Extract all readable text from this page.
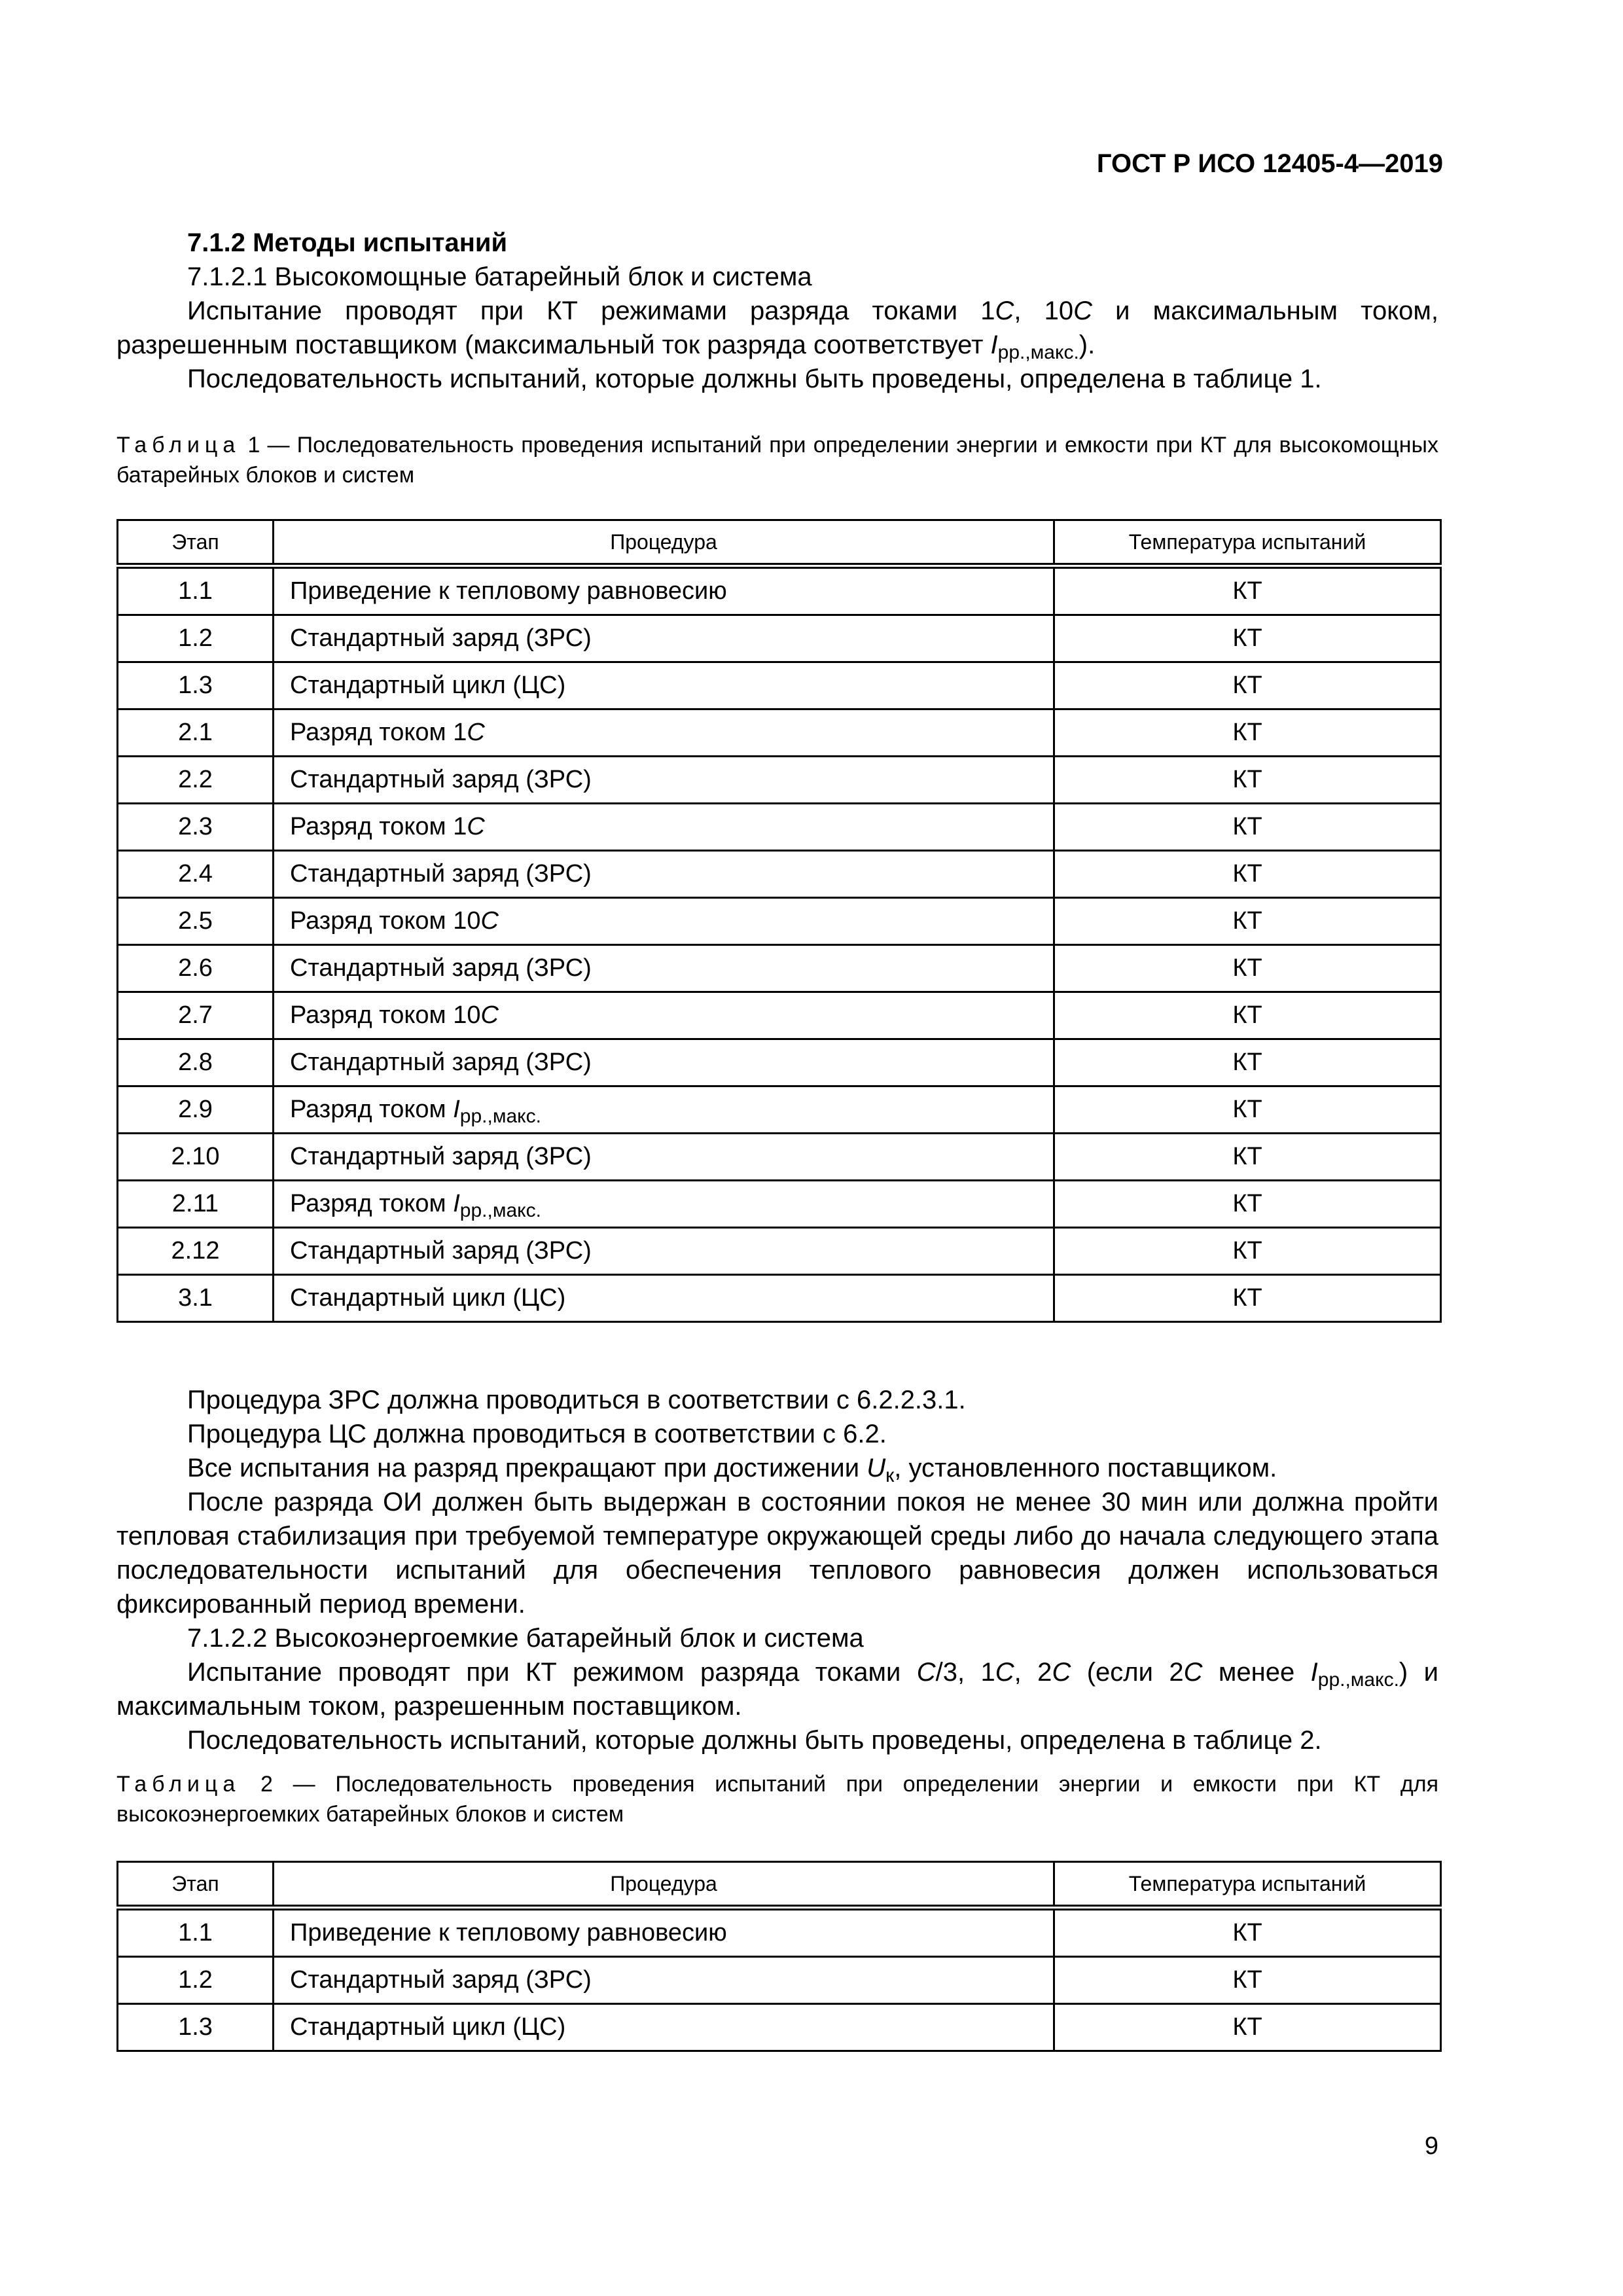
ГОСТ Р ИСО 12405-4—2019
7.1.2 Методы испытаний
7.1.2.1 Высокомощные батарейный блок и система
Испытание проводят при КТ режимами разряда токами 1C, 10C и максимальным током, разрешенным поставщиком (максимальный ток разряда соответствует $I_{рр.,макс.}$).
Последовательность испытаний, которые должны быть проведены, определена в таблице 1.
Таблица 1 — Последовательность проведения испытаний при определении энергии и емкости при КТ для высокомощных батарейных блоков и систем
Этап	Процедура	Температура испытаний
1.1	Приведение к тепловому равновесию	КТ
1.2	Стандартный заряд (ЗРС)	КТ
1.3	Стандартный цикл (ЦС)	КТ
2.1	Разряд током 1C	КТ
2.2	Стандартный заряд (ЗРС)	КТ
2.3	Разряд током 1C	КТ
2.4	Стандартный заряд (ЗРС)	КТ
2.5	Разряд током 10C	КТ
2.6	Стандартный заряд (ЗРС)	КТ
2.7	Разряд током 10C	КТ
2.8	Стандартный заряд (ЗРС)	КТ
2.9	Разряд током $I_{рр.,макс.}$	КТ
2.10	Стандартный заряд (ЗРС)	КТ
2.11	Разряд током $I_{рр.,макс.}$	КТ
2.12	Стандартный заряд (ЗРС)	КТ
3.1	Стандартный цикл (ЦС)	КТ
Процедура ЗРС должна проводиться в соответствии с 6.2.2.3.1.
Процедура ЦС должна проводиться в соответствии с 6.2.
Все испытания на разряд прекращают при достижении $U_к$, установленного поставщиком.
После разряда ОИ должен быть выдержан в состоянии покоя не менее 30 мин или должна пройти тепловая стабилизация при требуемой температуре окружающей среды либо до начала следующего этапа последовательности испытаний для обеспечения теплового равновесия должен использоваться фиксированный период времени.
7.1.2.2 Высокоэнергоемкие батарейный блок и система
Испытание проводят при КТ режимом разряда токами C/3, 1C, 2C (если 2C менее $I_{рр.,макс.}$) и максимальным током, разрешенным поставщиком.
Последовательность испытаний, которые должны быть проведены, определена в таблице 2.
Таблица 2 — Последовательность проведения испытаний при определении энергии и емкости при КТ для высокоэнергоемких батарейных блоков и систем
Этап	Процедура	Температура испытаний
1.1	Приведение к тепловому равновесию	КТ
1.2	Стандартный заряд (ЗРС)	КТ
1.3	Стандартный цикл (ЦС)	КТ
9
